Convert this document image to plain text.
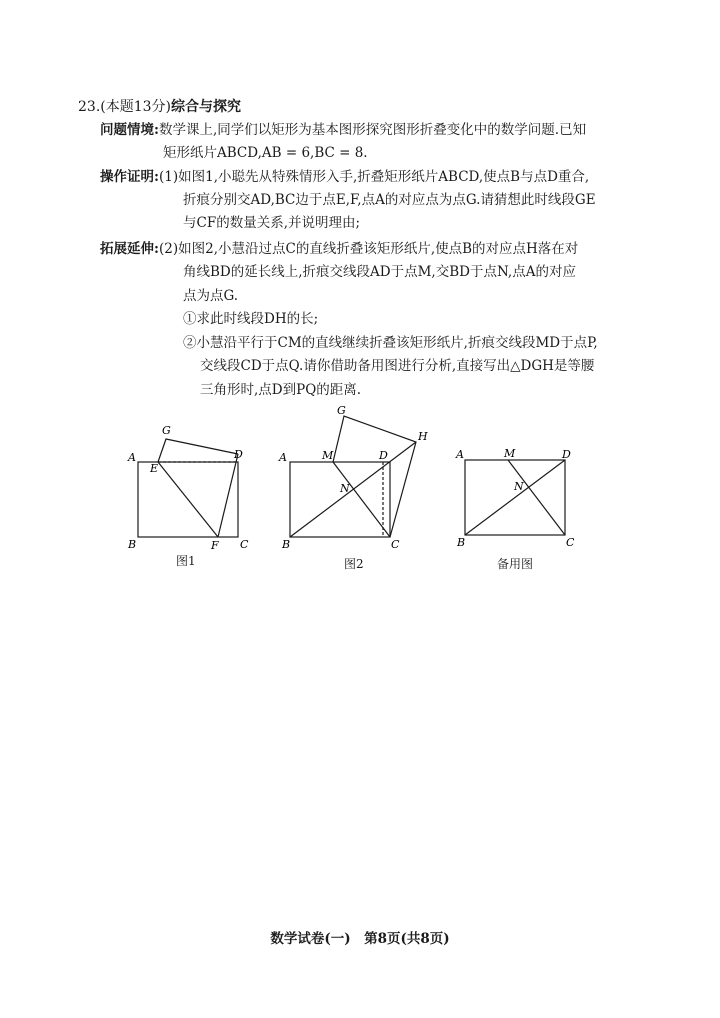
23.(本题13分)综合与探究
问题情境:数学课上,同学们以矩形为基本图形探究图形折叠变化中的数学问题.已知
矩形纸片ABCD,AB = 6,BC = 8.
操作证明:(1)如图1,小聪先从特殊情形入手,折叠矩形纸片ABCD,使点B与点D重合,
折痕分别交AD,BC边于点E,F,点A的对应点为点G.请猜想此时线段GE
与CF的数量关系,并说明理由;
拓展延伸:(2)如图2,小慧沿过点C的直线折叠该矩形纸片,使点B的对应点H落在对
角线BD的延长线上,折痕交线段AD于点M,交BD于点N,点A的对应
点为点G.
①求此时线段DH的长;
②小慧沿平行于CM的直线继续折叠该矩形纸片,折痕交线段MD于点P,
交线段CD于点Q.请你借助备用图进行分析,直接写出△DGH是等腰
三角形时,点D到PQ的距离.
A
B	C
D
E
F
G
图1
A
B	C
D
M
N
G
H
图2
A
B	C
D
M
N
备用图
数学试卷(一)　第8页(共8页)
